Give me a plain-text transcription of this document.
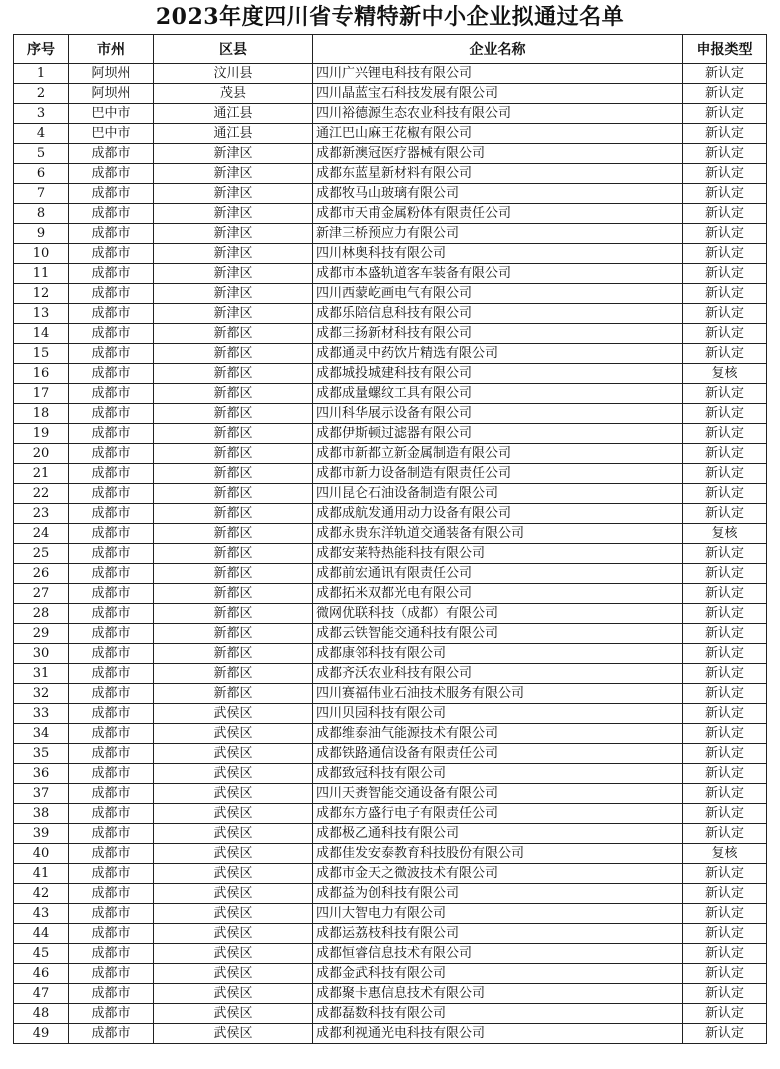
2023年度四川省专精特新中小企业拟通过名单
序号	市州	区县	企业名称	申报类型
1	阿坝州	汶川县	四川广兴锂电科技有限公司	新认定
2	阿坝州	茂县	四川晶蓝宝石科技发展有限公司	新认定
3	巴中市	通江县	四川裕德源生态农业科技有限公司	新认定
4	巴中市	通江县	通江巴山麻王花椒有限公司	新认定
5	成都市	新津区	成都新澳冠医疗器械有限公司	新认定
6	成都市	新津区	成都东蓝星新材料有限公司	新认定
7	成都市	新津区	成都牧马山玻璃有限公司	新认定
8	成都市	新津区	成都市天甫金属粉体有限责任公司	新认定
9	成都市	新津区	新津三桥预应力有限公司	新认定
10	成都市	新津区	四川林奥科技有限公司	新认定
11	成都市	新津区	成都市本盛轨道客车装备有限公司	新认定
12	成都市	新津区	四川西蒙屹画电气有限公司	新认定
13	成都市	新津区	成都乐陪信息科技有限公司	新认定
14	成都市	新都区	成都三扬新材科技有限公司	新认定
15	成都市	新都区	成都通灵中药饮片精选有限公司	新认定
16	成都市	新都区	成都城投城建科技有限公司	复核
17	成都市	新都区	成都成量螺纹工具有限公司	新认定
18	成都市	新都区	四川科华展示设备有限公司	新认定
19	成都市	新都区	成都伊斯顿过滤器有限公司	新认定
20	成都市	新都区	成都市新都立新金属制造有限公司	新认定
21	成都市	新都区	成都市新力设备制造有限责任公司	新认定
22	成都市	新都区	四川昆仑石油设备制造有限公司	新认定
23	成都市	新都区	成都成航发通用动力设备有限公司	新认定
24	成都市	新都区	成都永贵东洋轨道交通装备有限公司	复核
25	成都市	新都区	成都安莱特热能科技有限公司	新认定
26	成都市	新都区	成都前宏通讯有限责任公司	新认定
27	成都市	新都区	成都拓米双都光电有限公司	新认定
28	成都市	新都区	微网优联科技（成都）有限公司	新认定
29	成都市	新都区	成都云铁智能交通科技有限公司	新认定
30	成都市	新都区	成都康邻科技有限公司	新认定
31	成都市	新都区	成都齐沃农业科技有限公司	新认定
32	成都市	新都区	四川赛福伟业石油技术服务有限公司	新认定
33	成都市	武侯区	四川贝园科技有限公司	新认定
34	成都市	武侯区	成都维泰油气能源技术有限公司	新认定
35	成都市	武侯区	成都铁路通信设备有限责任公司	新认定
36	成都市	武侯区	成都致冠科技有限公司	新认定
37	成都市	武侯区	四川天赉智能交通设备有限公司	新认定
38	成都市	武侯区	成都东方盛行电子有限责任公司	新认定
39	成都市	武侯区	成都极乙通科技有限公司	新认定
40	成都市	武侯区	成都佳发安泰教育科技股份有限公司	复核
41	成都市	武侯区	成都市金天之微波技术有限公司	新认定
42	成都市	武侯区	成都益为创科技有限公司	新认定
43	成都市	武侯区	四川大智电力有限公司	新认定
44	成都市	武侯区	成都运荔枝科技有限公司	新认定
45	成都市	武侯区	成都恒睿信息技术有限公司	新认定
46	成都市	武侯区	成都金武科技有限公司	新认定
47	成都市	武侯区	成都聚卡惠信息技术有限公司	新认定
48	成都市	武侯区	成都磊数科技有限公司	新认定
49	成都市	武侯区	成都利视通光电科技有限公司	新认定
